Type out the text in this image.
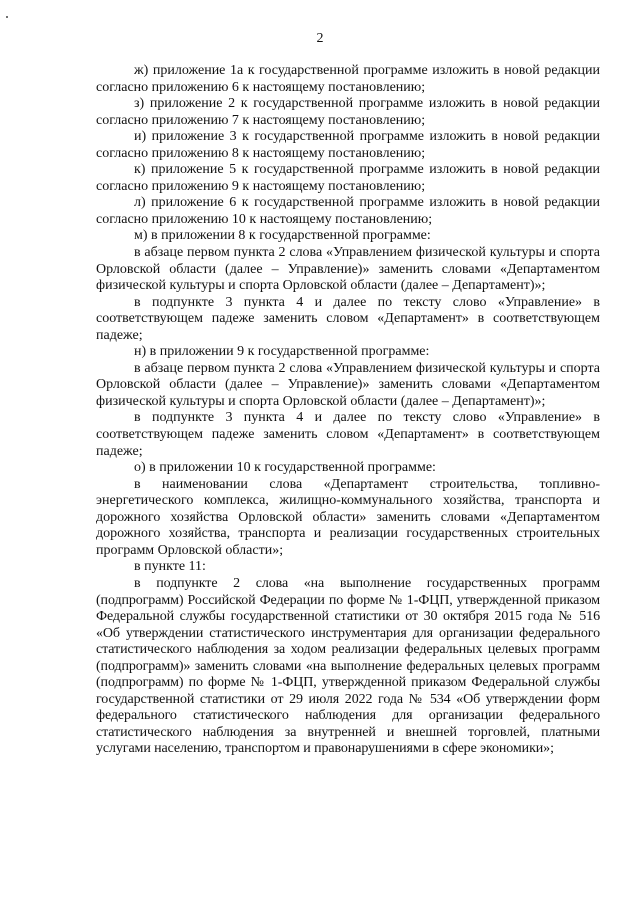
2

ж) приложение 1а к государственной программе изложить в новой редакции согласно приложению 6 к настоящему постановлению;

з) приложение 2 к государственной программе изложить в новой редакции согласно приложению 7 к настоящему постановлению;

и) приложение 3 к государственной программе изложить в новой редакции согласно приложению 8 к настоящему постановлению;

к) приложение 5 к государственной программе изложить в новой редакции согласно приложению 9 к настоящему постановлению;

л) приложение 6 к государственной программе изложить в новой редакции согласно приложению 10 к настоящему постановлению;

м) в приложении 8 к государственной программе:

в абзаце первом пункта 2 слова «Управлением физической культуры и спорта Орловской области (далее – Управление)» заменить словами «Департаментом физической культуры и спорта Орловской области (далее – Департамент)»;

в подпункте 3 пункта 4 и далее по тексту слово «Управление» в соответствующем падеже заменить словом «Департамент» в соответствующем падеже;

н) в приложении 9 к государственной программе:

в абзаце первом пункта 2 слова «Управлением физической культуры и спорта Орловской области (далее – Управление)» заменить словами «Департаментом физической культуры и спорта Орловской области (далее – Департамент)»;

в подпункте 3 пункта 4 и далее по тексту слово «Управление» в соответствующем падеже заменить словом «Департамент» в соответствующем падеже;

о) в приложении 10 к государственной программе:

в наименовании слова «Департамент строительства, топливно-энергетического комплекса, жилищно-коммунального хозяйства, транспорта и дорожного хозяйства Орловской области» заменить словами «Департаментом дорожного хозяйства, транспорта и реализации государственных строительных программ Орловской области»;

в пункте 11:

в подпункте 2 слова «на выполнение государственных программ (подпрограмм) Российской Федерации по форме № 1-ФЦП, утвержденной приказом Федеральной службы государственной статистики от 30 октября 2015 года № 516 «Об утверждении статистического инструментария для организации федерального статистического наблюдения за ходом реализации федеральных целевых программ (подпрограмм)» заменить словами «на выполнение федеральных целевых программ (подпрограмм) по форме № 1-ФЦП, утвержденной приказом Федеральной службы государственной статистики от 29 июля 2022 года № 534 «Об утверждении форм федерального статистического наблюдения для организации федерального статистического наблюдения за внутренней и внешней торговлей, платными услугами населению, транспортом и правонарушениями в сфере экономики»;
